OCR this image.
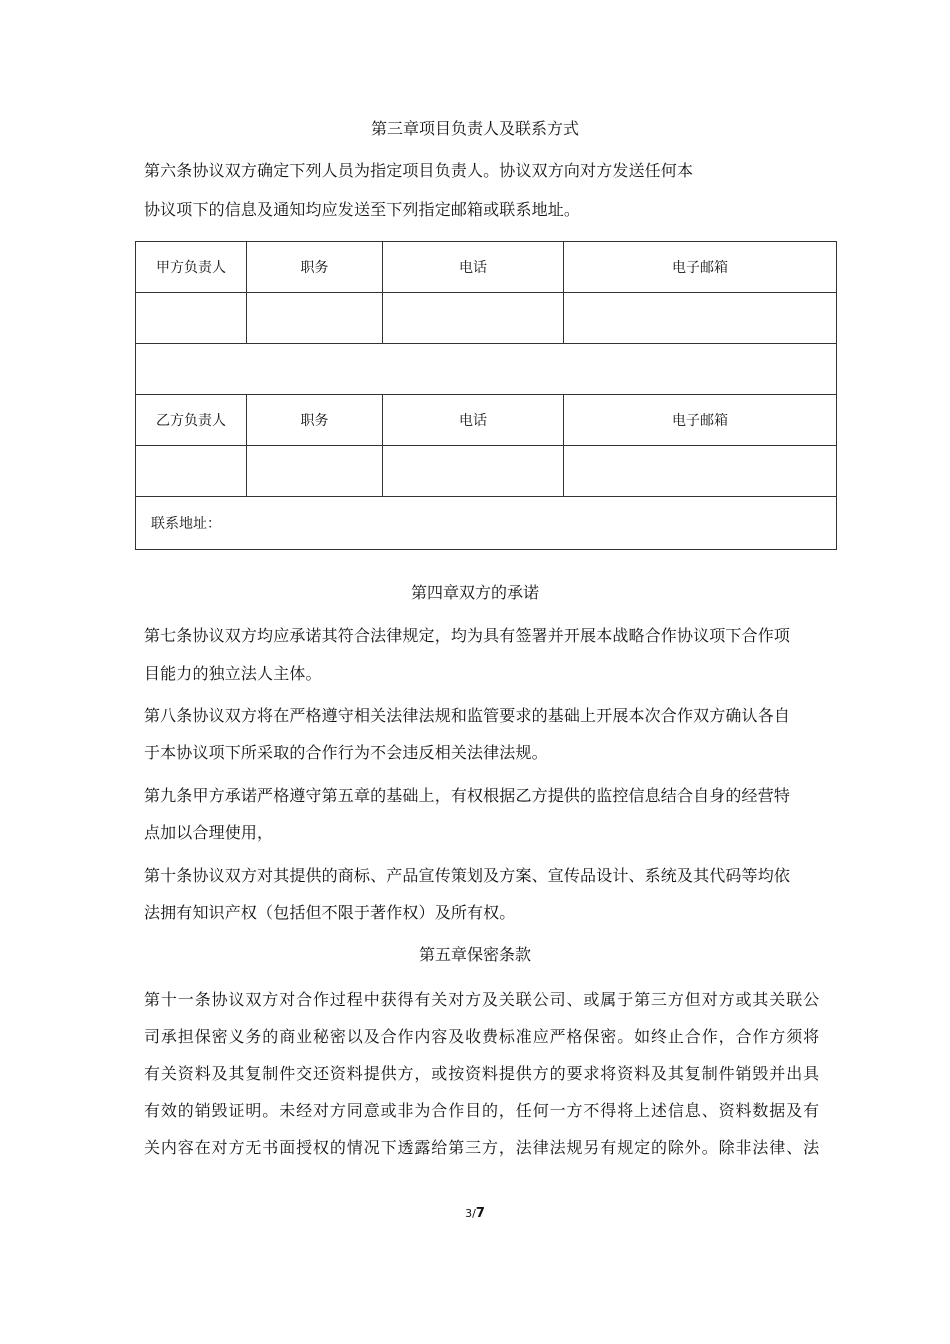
第三章项目负责人及联系方式
第六条协议双方确定下列人员为指定项目负责人。协议双方向对方发送任何本
协议项下的信息及通知均应发送至下列指定邮箱或联系地址。
甲方负责人	职务	电话	电子邮箱

乙方负责人	职务	电话	电子邮箱

联系地址：			
第四章双方的承诺
第七条协议双方均应承诺其符合法律规定，均为具有签署并开展本战略合作协议项下合作项
目能力的独立法人主体。
第八条协议双方将在严格遵守相关法律法规和监管要求的基础上开展本次合作双方确认各自
于本协议项下所采取的合作行为不会违反相关法律法规。
第九条甲方承诺严格遵守第五章的基础上，有权根据乙方提供的监控信息结合自身的经营特
点加以合理使用，
第十条协议双方对其提供的商标、产品宣传策划及方案、宣传品设计、系统及其代码等均依
法拥有知识产权（包括但不限于著作权）及所有权。
第五章保密条款
第十一条协议双方对合作过程中获得有关对方及关联公司、或属于第三方但对方或其关联公
司承担保密义务的商业秘密以及合作内容及收费标准应严格保密。如终止合作，合作方须将
有关资料及其复制件交还资料提供方，或按资料提供方的要求将资料及其复制件销毁并出具
有效的销毁证明。未经对方同意或非为合作目的，任何一方不得将上述信息、资料数据及有
关内容在对方无书面授权的情况下透露给第三方，法律法规另有规定的除外。除非法律、法
3/7
